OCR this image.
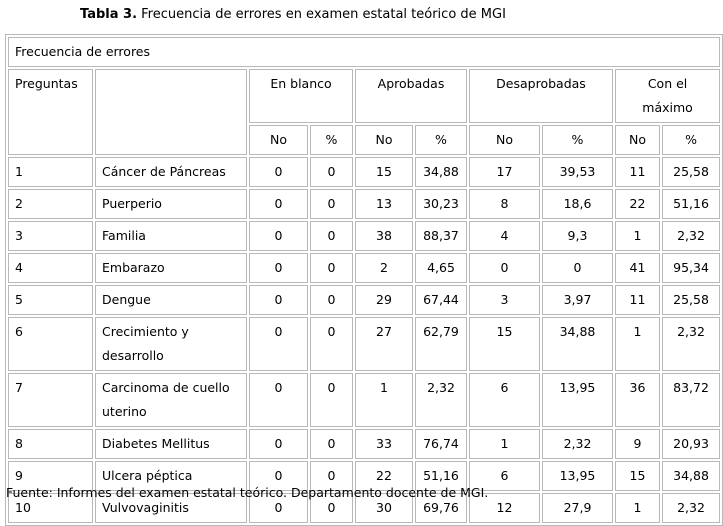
Tabla 3. Frecuencia de errores en examen estatal teórico de MGI
Frecuencia de errores									
Preguntas		En blanco		Aprobadas		Desaprobadas		Con el máximo	
		No	%	No	%	No	%	No	%
1	Cáncer de Páncreas	0	0	15	34,88	17	39,53	11	25,58
2	Puerperio	0	0	13	30,23	8	18,6	22	51,16
3	Familia	0	0	38	88,37	4	9,3	1	2,32
4	Embarazo	0	0	2	4,65	0	0	41	95,34
5	Dengue	0	0	29	67,44	3	3,97	11	25,58
6	Crecimiento y desarrollo	0	0	27	62,79	15	34,88	1	2,32
7	Carcinoma de cuello uterino	0	0	1	2,32	6	13,95	36	83,72
8	Diabetes Mellitus	0	0	33	76,74	1	2,32	9	20,93
9	Ulcera péptica	0	0	22	51,16	6	13,95	15	34,88
10	Vulvovaginitis	0	0	30	69,76	12	27,9	1	2,32
Fuente: Informes del examen estatal teórico. Departamento docente de MGI.
